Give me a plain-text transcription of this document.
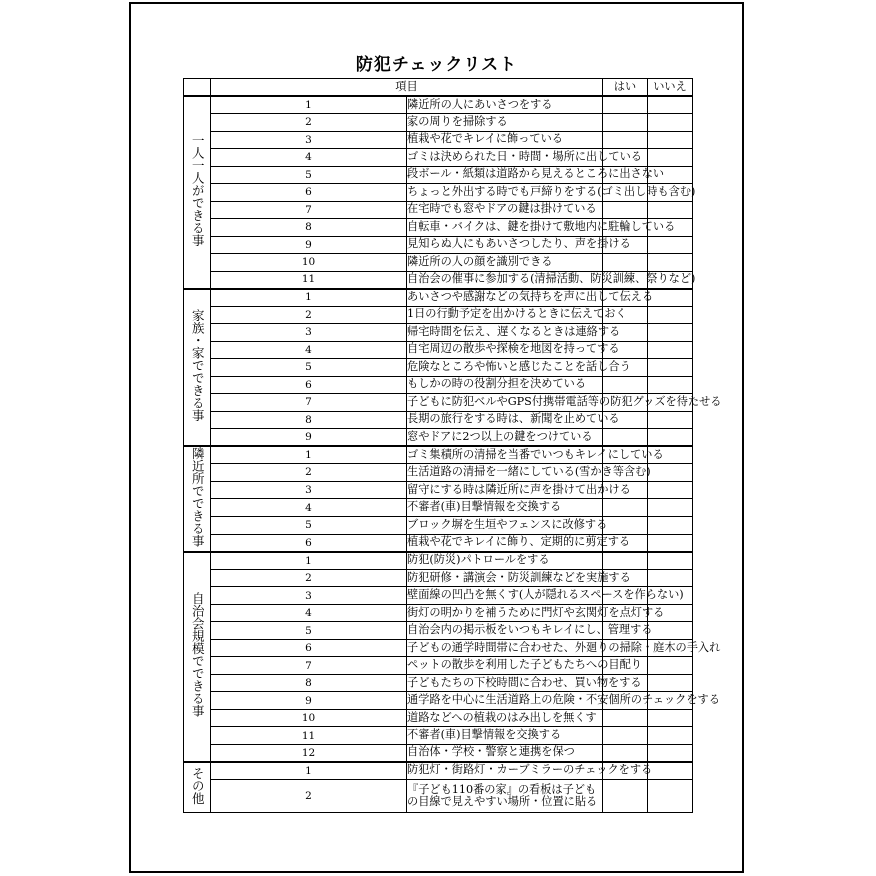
防犯チェックリスト
	項目		はい	いいえ
一人一人ができる事	1	隣近所の人にあいさつをする		
	2	家の周りを掃除する		
	3	植栽や花でキレイに飾っている		
	4	ゴミは決められた日・時間・場所に出している		
	5	段ボール・紙類は道路から見えるところに出さない		
	6	ちょっと外出する時でも戸締りをする(ゴミ出し時も含む)		
	7	在宅時でも窓やドアの鍵は掛けている		
	8	自転車・バイクは、鍵を掛けて敷地内に駐輪している		
	9	見知らぬ人にもあいさつしたり、声を掛ける		
	10	隣近所の人の顔を識別できる		
	11	自治会の催事に参加する(清掃活動、防災訓練、祭りなど)		
家族・家でできる事	1	あいさつや感謝などの気持ちを声に出して伝える		
	2	1日の行動予定を出かけるときに伝えておく		
	3	帰宅時間を伝え、遅くなるときは連絡する		
	4	自宅周辺の散歩や探検を地図を持ってする		
	5	危険なところや怖いと感じたことを話し合う		
	6	もしかの時の役割分担を決めている		
	7	子どもに防犯ベルやGPS付携帯電話等の防犯グッズを待たせる		
	8	長期の旅行をする時は、新聞を止めている		
	9	窓やドアに2つ以上の鍵をつけている		
隣近所でできる事	1	ゴミ集積所の清掃を当番でいつもキレイにしている		
	2	生活道路の清掃を一緒にしている(雪かき等含む)		
	3	留守にする時は隣近所に声を掛けて出かける		
	4	不審者(車)目撃情報を交換する		
	5	ブロック塀を生垣やフェンスに改修する		
	6	植栽や花でキレイに飾り、定期的に剪定する		
自治会規模でできる事	1	防犯(防災)パトロールをする		
	2	防犯研修・講演会・防災訓練などを実施する		
	3	壁面線の凹凸を無くす(人が隠れるスペースを作らない)		
	4	街灯の明かりを補うために門灯や玄関灯を点灯する		
	5	自治会内の掲示板をいつもキレイにし、管理する		
	6	子どもの通学時間帯に合わせた、外廻りの掃除・庭木の手入れ		
	7	ペットの散歩を利用した子どもたちへの目配り		
	8	子どもたちの下校時間に合わせ、買い物をする		
	9	通学路を中心に生活道路上の危険・不安個所のチェックをする		
	10	道路などへの植栽のはみ出しを無くす		
	11	不審者(車)目撃情報を交換する		
	12	自治体・学校・警察と連携を保つ		
その他	1	防犯灯・街路灯・カーブミラーのチェックをする		
	2	『子ども110番の家』の看板は子どもの目線で見えやすい場所・位置に貼る		
